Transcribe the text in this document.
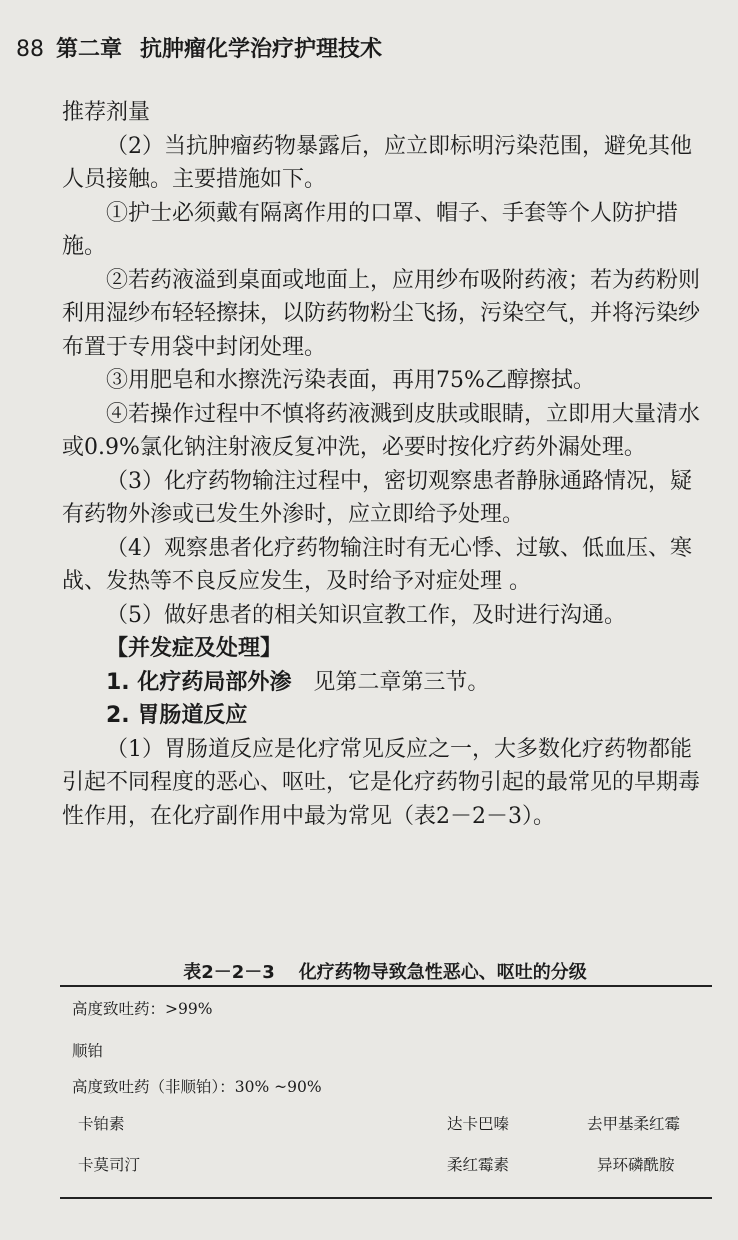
88 第二章 抗肿瘤化学治疗护理技术

推荐剂量

（2）当抗肿瘤药物暴露后，应立即标明污染范围，避免其他人员接触。主要措施如下。

①护士必须戴有隔离作用的口罩、帽子、手套等个人防护措施。

②若药液溢到桌面或地面上，应用纱布吸附药液；若为药粉则利用湿纱布轻轻擦抹，以防药物粉尘飞扬，污染空气，并将污染纱布置于专用袋中封闭处理。

③用肥皂和水擦洗污染表面，再用75%乙醇擦拭。

④若操作过程中不慎将药液溅到皮肤或眼睛，立即用大量清水或0.9%氯化钠注射液反复冲洗，必要时按化疗药外漏处理。

（3）化疗药物输注过程中，密切观察患者静脉通路情况，疑有药物外渗或已发生外渗时，应立即给予处理。

（4）观察患者化疗药物输注时有无心悸、过敏、低血压、寒战、发热等不良反应发生，及时给予对症处理 。

（5）做好患者的相关知识宣教工作，及时进行沟通。

【并发症及处理】

1. 化疗药局部外渗 见第二章第三节。

2. 胃肠道反应

（1）胃肠道反应是化疗常见反应之一，大多数化疗药物都能引起不同程度的恶心、呕吐，它是化疗药物引起的最常见的早期毒性作用，在化疗副作用中最为常见（表2－2－3）。

表2－2－3 化疗药物导致急性恶心、呕吐的分级
高度致吐药：>99%
顺铂
高度致吐药（非顺铂）：30% ~90%
卡铂素	达卡巴嗪	去甲基柔红霉
卡莫司汀	柔红霉素	异环磷酰胺
